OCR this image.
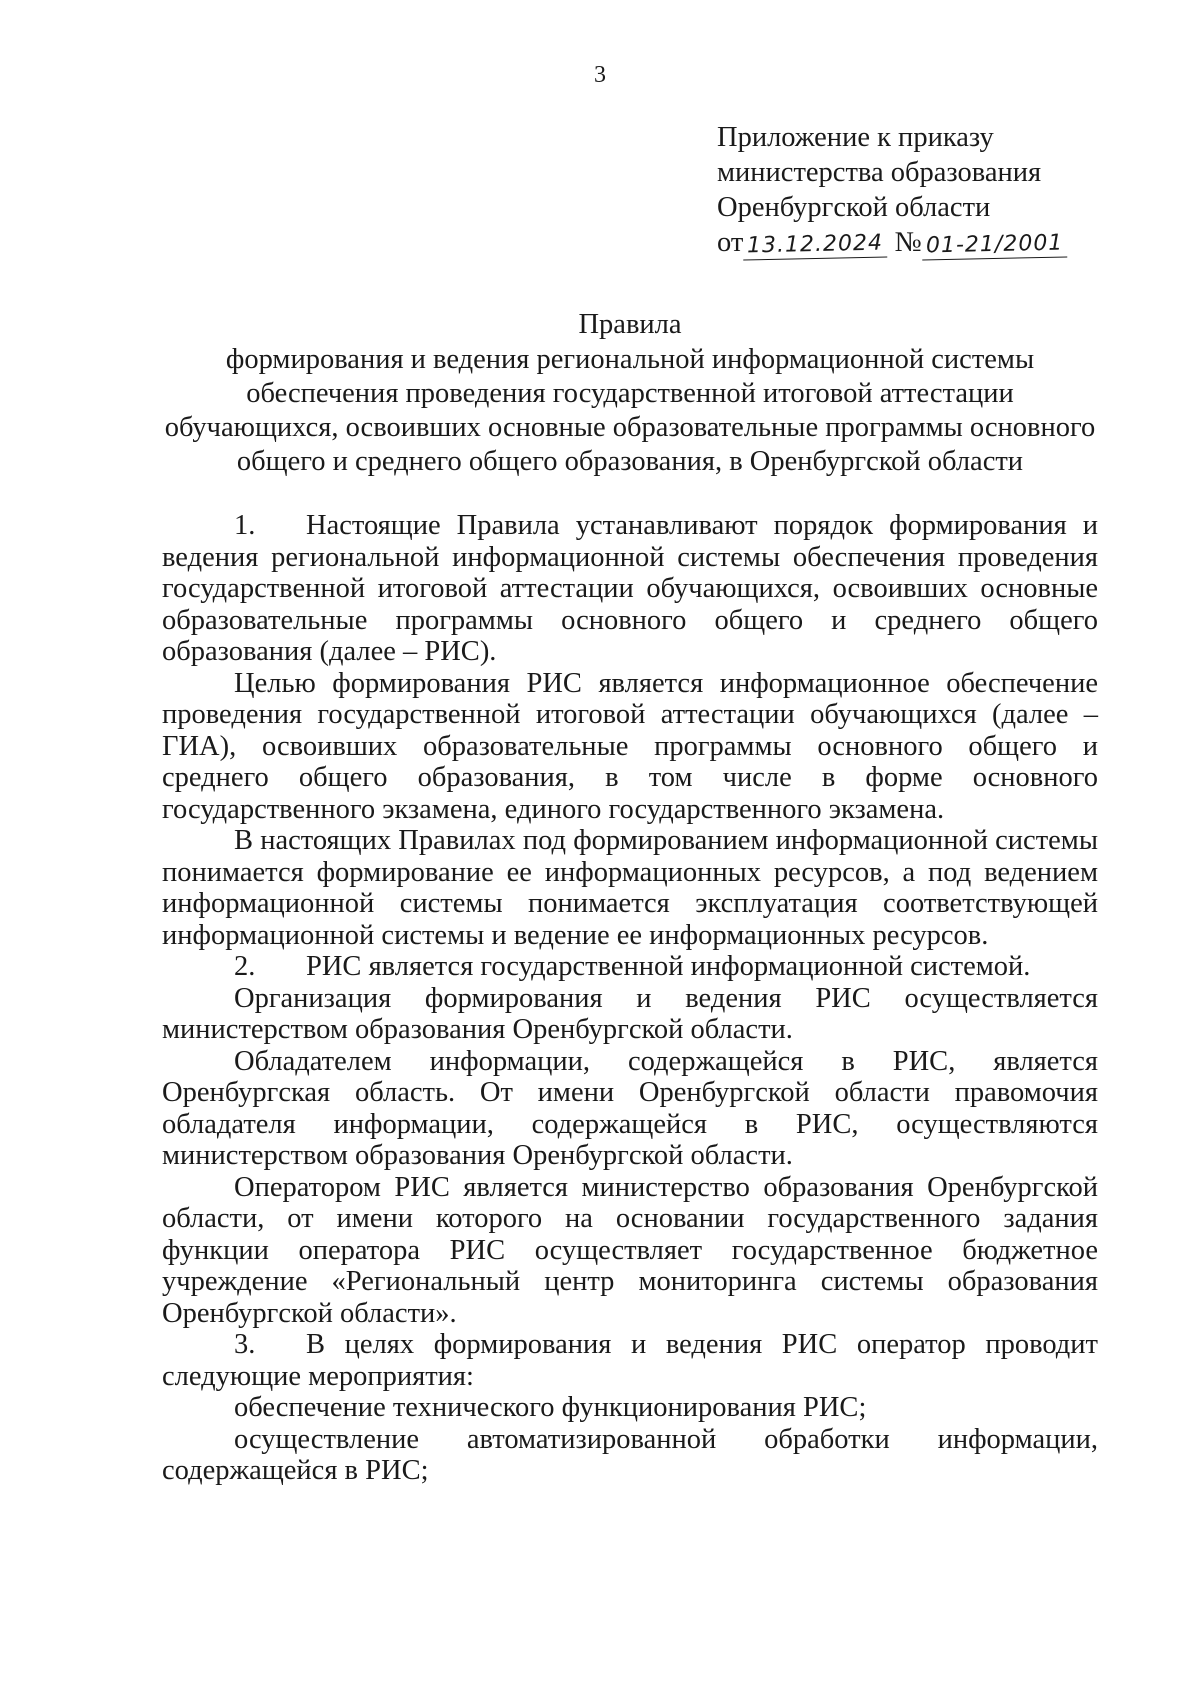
3
Приложение к приказу
министерства образования
Оренбургской области
от 13.12.2024 № 01-21/2001
Правила
формирования и ведения региональной информационной системы
обеспечения проведения государственной итоговой аттестации
обучающихся, освоивших основные образовательные программы основного
общего и среднего общего образования, в Оренбургской области

1. Настоящие Правила устанавливают порядок формирования и ведения региональной информационной системы обеспечения проведения государственной итоговой аттестации обучающихся, освоивших основные образовательные программы основного общего и среднего общего образования (далее – РИС).

Целью формирования РИС является информационное обеспечение проведения государственной итоговой аттестации обучающихся (далее – ГИА), освоивших образовательные программы основного общего и среднего общего образования, в том числе в форме основного государственного экзамена, единого государственного экзамена.

В настоящих Правилах под формированием информационной системы понимается формирование ее информационных ресурсов, а под ведением информационной системы понимается эксплуатация соответствующей информационной системы и ведение ее информационных ресурсов.

2. РИС является государственной информационной системой.

Организация формирования и ведения РИС осуществляется министерством образования Оренбургской области.

Обладателем информации, содержащейся в РИС, является Оренбургская область. От имени Оренбургской области правомочия обладателя информации, содержащейся в РИС, осуществляются министерством образования Оренбургской области.

Оператором РИС является министерство образования Оренбургской области, от имени которого на основании государственного задания функции оператора РИС осуществляет государственное бюджетное учреждение «Региональный центр мониторинга системы образования Оренбургской области».

3. В целях формирования и ведения РИС оператор проводит следующие мероприятия:

обеспечение технического функционирования РИС;

осуществление автоматизированной обработки информации, содержащейся в РИС;
